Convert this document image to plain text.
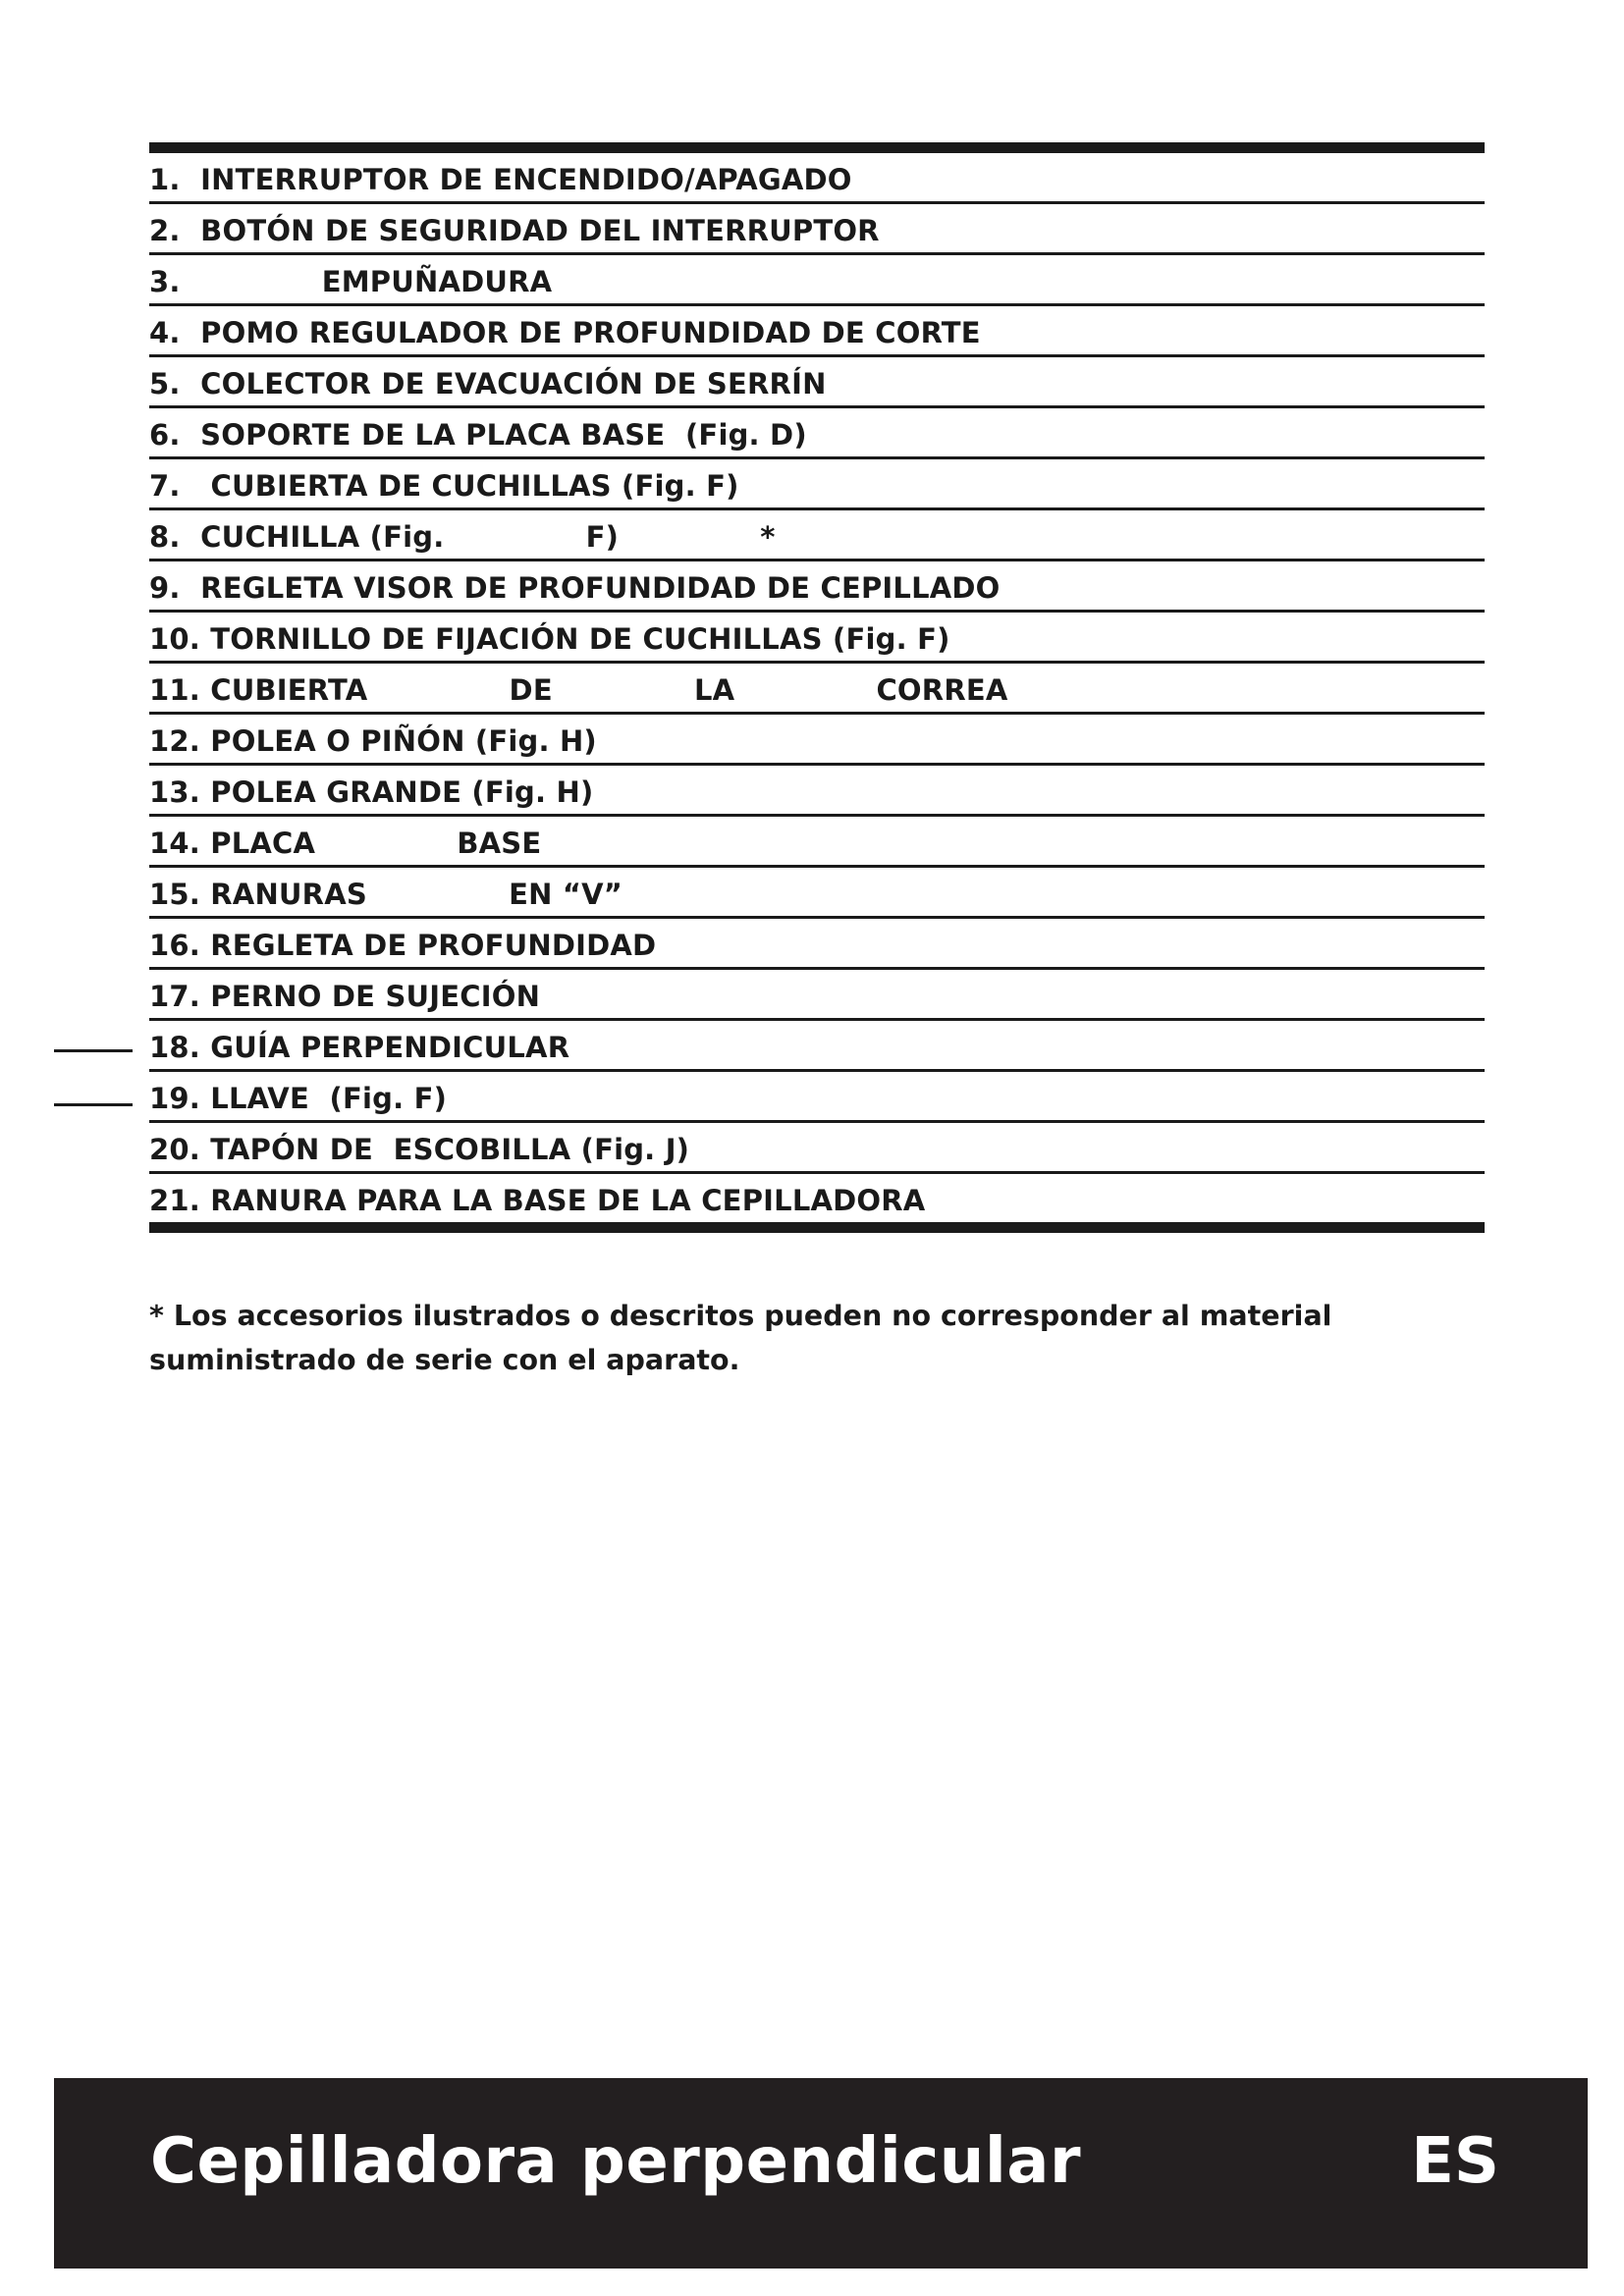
1.  INTERRUPTOR DE ENCENDIDO/APAGADO
2.  BOTÓN DE SEGURIDAD DEL INTERRUPTOR
3.              EMPUÑADURA
4.  POMO REGULADOR DE PROFUNDIDAD DE CORTE
5.  COLECTOR DE EVACUACIÓN DE SERRÍN
6.  SOPORTE DE LA PLACA BASE  (Fig. D)
7.   CUBIERTA DE CUCHILLAS (Fig. F)
8.  CUCHILLA (Fig.              F)              *
9.  REGLETA VISOR DE PROFUNDIDAD DE CEPILLADO
10. TORNILLO DE FIJACIÓN DE CUCHILLAS (Fig. F)
11. CUBIERTA              DE              LA              CORREA
12. POLEA O PIÑÓN (Fig. H)
13. POLEA GRANDE (Fig. H)
14. PLACA              BASE
15. RANURAS              EN “V”
16. REGLETA DE PROFUNDIDAD
17. PERNO DE SUJECIÓN
18. GUÍA PERPENDICULAR
19. LLAVE  (Fig. F)
20. TAPÓN DE  ESCOBILLA (Fig. J)
21. RANURA PARA LA BASE DE LA CEPILLADORA
* Los accesorios ilustrados o descritos pueden no corresponder al material
suministrado de serie con el aparato.
Cepilladora perpendicular	ES
